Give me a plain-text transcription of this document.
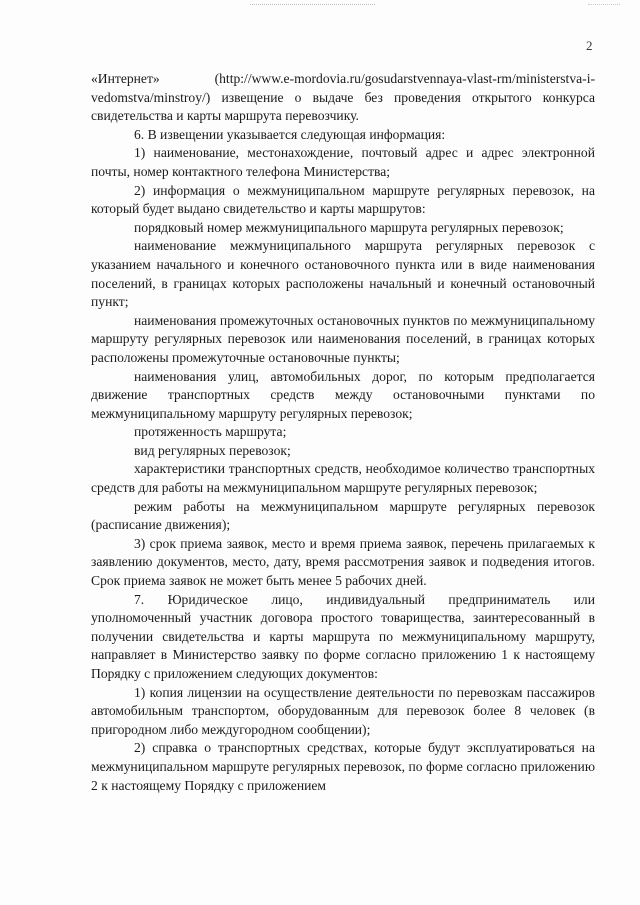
2

«Интернет» (http://www.e-mordovia.ru/gosudarstvennaya-vlast-rm/ministerstva-i-vedomstva/minstroy/) извещение о выдаче без проведения открытого конкурса свидетельства и карты маршрута перевозчику.

6. В извещении указывается следующая информация:

1) наименование, местонахождение, почтовый адрес и адрес электронной почты, номер контактного телефона Министерства;

2) информация о межмуниципальном маршруте регулярных перевозок, на который будет выдано свидетельство и карты маршрутов:

порядковый номер межмуниципального маршрута регулярных перевозок;

наименование межмуниципального маршрута регулярных перевозок с указанием начального и конечного остановочного пункта или в виде наименования поселений, в границах которых расположены начальный и конечный остановочный пункт;

наименования промежуточных остановочных пунктов по межмуниципальному маршруту регулярных перевозок или наименования поселений, в границах которых расположены промежуточные остановочные пункты;

наименования улиц, автомобильных дорог, по которым предполагается движение транспортных средств между остановочными пунктами по межмуниципальному маршруту регулярных перевозок;

протяженность маршрута;

вид регулярных перевозок;

характеристики транспортных средств, необходимое количество транспортных средств для работы на межмуниципальном маршруте регулярных перевозок;

режим работы на межмуниципальном маршруте регулярных перевозок (расписание движения);

3) срок приема заявок, место и время приема заявок, перечень прилагаемых к заявлению документов, место, дату, время рассмотрения заявок и подведения итогов. Срок приема заявок не может быть менее 5 рабочих дней.

7. Юридическое лицо, индивидуальный предприниматель или уполномоченный участник договора простого товарищества, заинтересованный в получении свидетельства и карты маршрута по межмуниципальному маршруту, направляет в Министерство заявку по форме согласно приложению 1 к настоящему Порядку с приложением следующих документов:

1) копия лицензии на осуществление деятельности по перевозкам пассажиров автомобильным транспортом, оборудованным для перевозок более 8 человек (в пригородном либо междугородном сообщении);

2) справка о транспортных средствах, которые будут эксплуатироваться на межмуниципальном маршруте регулярных перевозок, по форме согласно приложению 2 к настоящему Порядку с приложением
